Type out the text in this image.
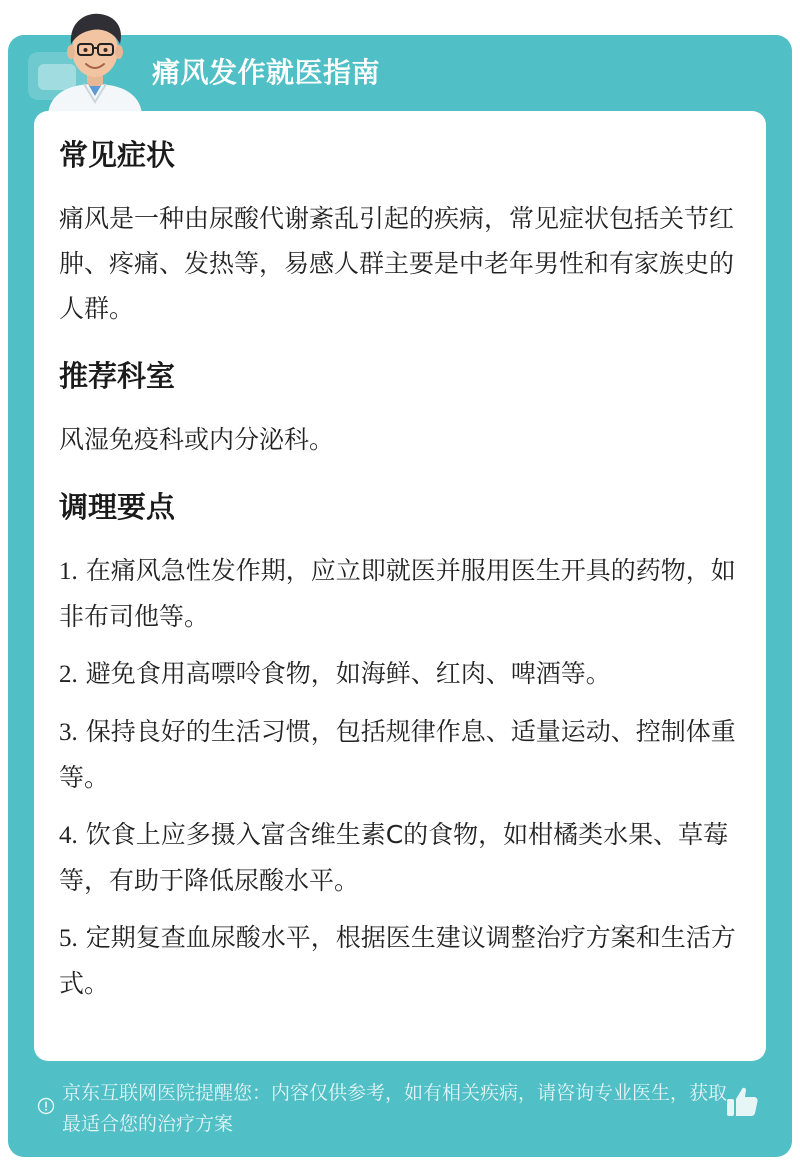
痛风发作就医指南
常见症状

痛风是一种由尿酸代谢紊乱引起的疾病，常见症状包括关节红肿、疼痛、发热等，易感人群主要是中老年男性和有家族史的人群。

推荐科室

风湿免疫科或内分泌科。

调理要点
1. 在痛风急性发作期，应立即就医并服用医生开具的药物，如非布司他等。
2. 避免食用高嘌呤食物，如海鲜、红肉、啤酒等。
3. 保持良好的生活习惯，包括规律作息、适量运动、控制体重等。
4. 饮食上应多摄入富含维生素C的食物，如柑橘类水果、草莓等，有助于降低尿酸水平。
5. 定期复查血尿酸水平，根据医生建议调整治疗方案和生活方式。
京东互联网医院提醒您：内容仅供参考，如有相关疾病，请咨询专业医生，获取最适合您的治疗方案
